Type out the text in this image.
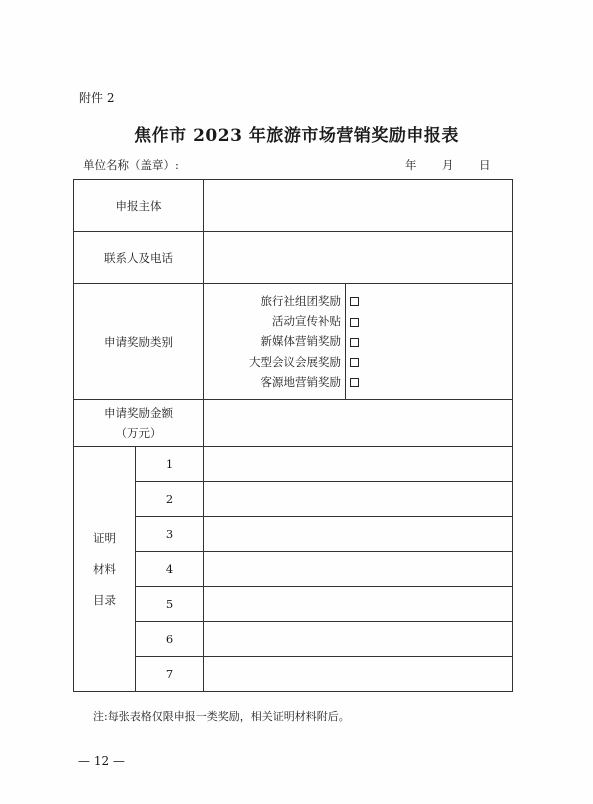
附件 2
焦作市 2023 年旅游市场营销奖励申报表
单位名称（盖章）:	年 月 日
申报主体		
联系人及电话		
申请奖励类别		旅行社组团奖励
活动宣传补贴
新媒体营销奖励
大型会议会展奖励
客源地营销奖励

申请奖励金额
（万元）		

证明
材料
目录	1	
	2	
	3	
	4	
	5	
	6	
	7	
注:每张表格仅限申报一类奖励，相关证明材料附后。
— 12 —
